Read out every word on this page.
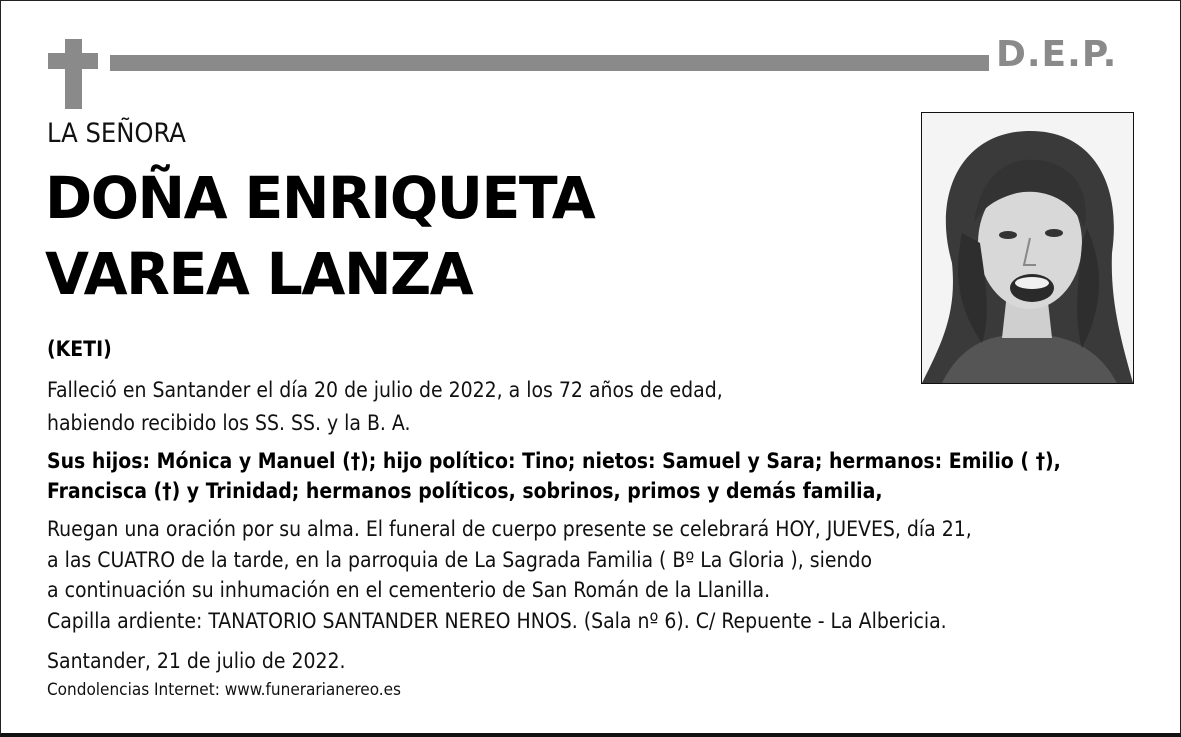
D.E.P.
LA SEÑORA
DOÑA ENRIQUETA
VAREA LANZA
(KETI)
Falleció en Santander el día 20 de julio de 2022, a los 72 años de edad,
habiendo recibido los SS. SS. y la B. A.
Sus hijos: Mónica y Manuel (†); hijo político: Tino; nietos: Samuel y Sara; hermanos: Emilio ( †),
Francisca (†) y Trinidad; hermanos políticos, sobrinos, primos y demás familia,
Ruegan una oración por su alma. El funeral de cuerpo presente se celebrará HOY, JUEVES, día 21,
a las CUATRO de la tarde, en la parroquia de La Sagrada Familia ( Bº La Gloria ), siendo
a continuación su inhumación en el cementerio de San Román de la Llanilla.
Capilla ardiente: TANATORIO SANTANDER NEREO HNOS. (Sala nº 6). C/ Repuente - La Albericia.
Santander, 21 de julio de 2022.
Condolencias Internet: www.funerarianereo.es
